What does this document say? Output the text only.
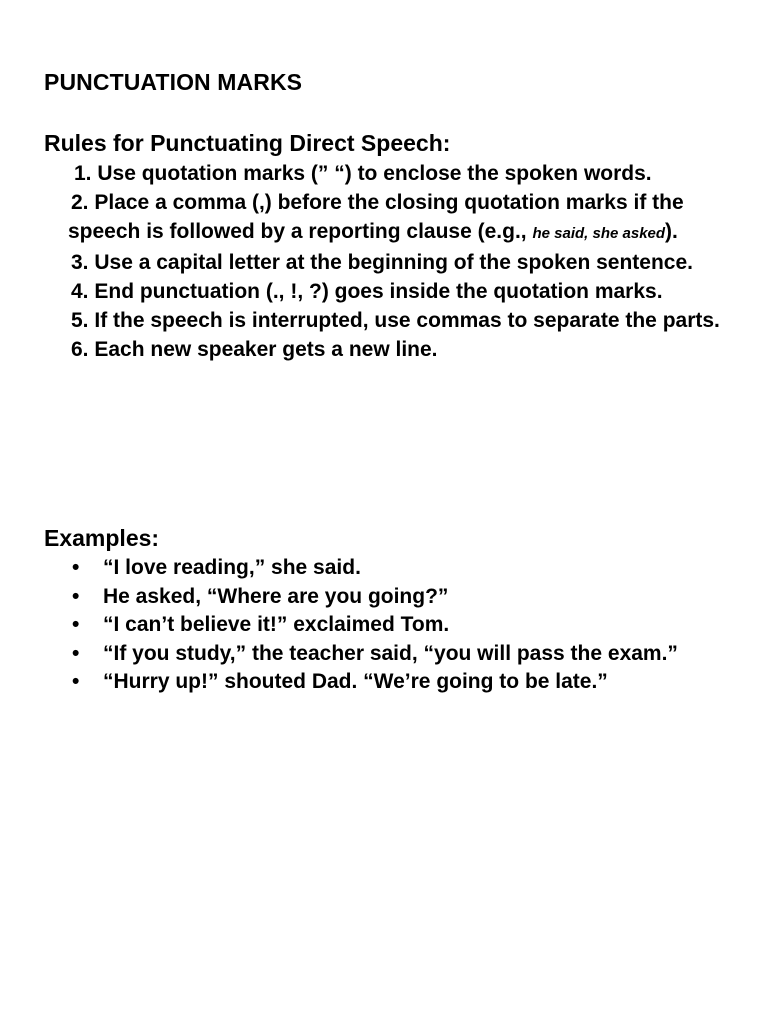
PUNCTUATION MARKS
Rules for Punctuating Direct Speech:
1. Use quotation marks (” “) to enclose the spoken words.
2. Place a comma (,) before the closing quotation marks if the speech is followed by a reporting clause (e.g., he said, she asked).
3. Use a capital letter at the beginning of the spoken sentence.
4. End punctuation (., !, ?) goes inside the quotation marks.
5. If the speech is interrupted, use commas to separate the parts.
6. Each new speaker gets a new line.
Examples:
• “I love reading,” she said.
• He asked, “Where are you going?”
• “I can’t believe it!” exclaimed Tom.
• “If you study,” the teacher said, “you will pass the exam.”
• “Hurry up!” shouted Dad. “We’re going to be late.”
